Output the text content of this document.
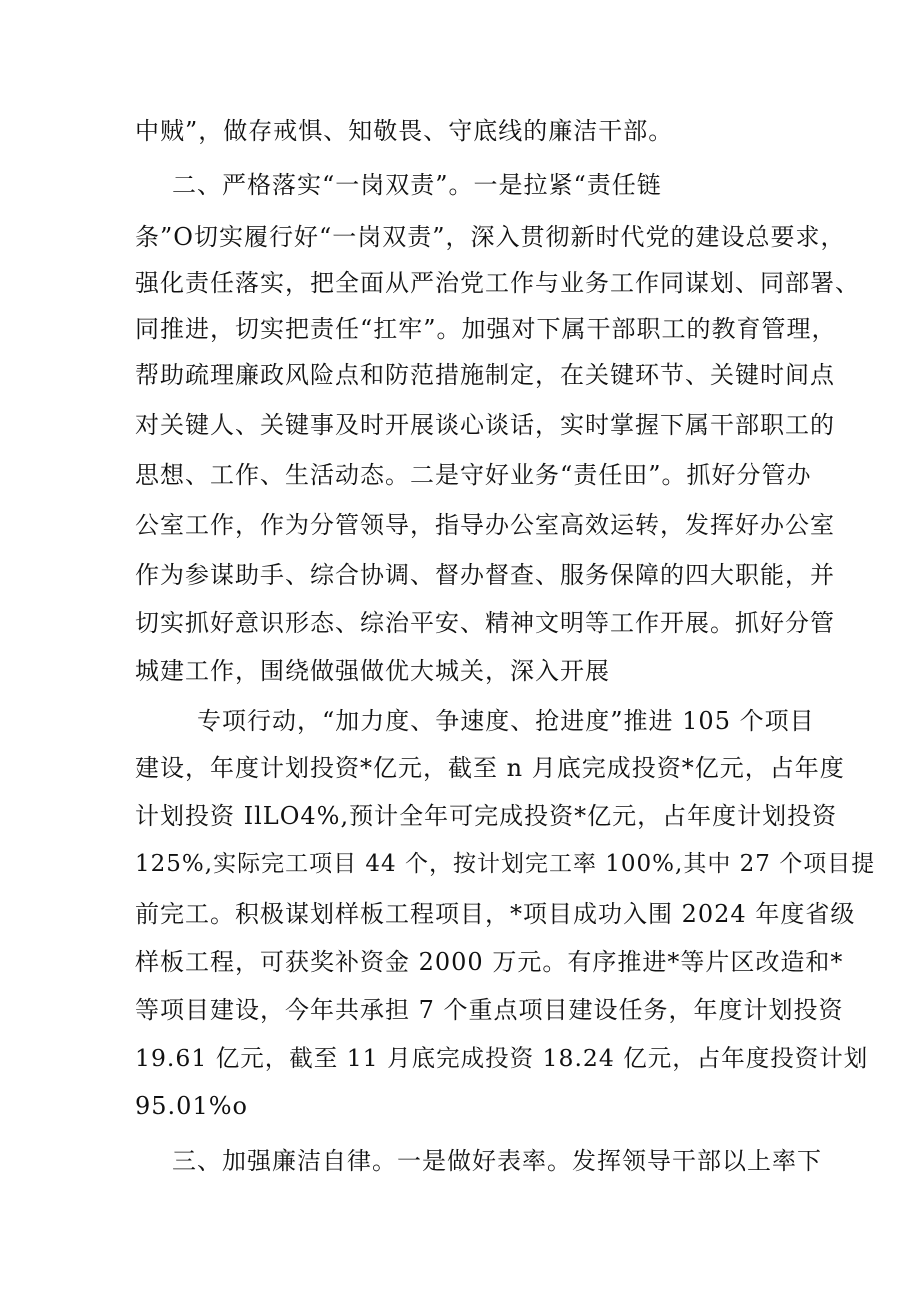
中贼”，做存戒惧、知敬畏、守底线的廉洁干部。

二、严格落实“一岗双责”。一是拉紧“责任链

条”O切实履行好“一岗双责”，深入贯彻新时代党的建设总要求，

强化责任落实，把全面从严治党工作与业务工作同谋划、同部署、

同推进，切实把责任“扛牢”。加强对下属干部职工的教育管理，

帮助疏理廉政风险点和防范措施制定，在关键环节、关键时间点

对关键人、关键事及时开展谈心谈话，实时掌握下属干部职工的

思想、工作、生活动态。二是守好业务“责任田”。抓好分管办

公室工作，作为分管领导，指导办公室高效运转，发挥好办公室

作为参谋助手、综合协调、督办督查、服务保障的四大职能，并

切实抓好意识形态、综治平安、精神文明等工作开展。抓好分管

城建工作，围绕做强做优大城关，深入开展

专项行动，“加力度、争速度、抢进度”推进 105 个项目

建设，年度计划投资*亿元，截至 n 月底完成投资*亿元，占年度

计划投资 IlLO4%,预计全年可完成投资*亿元，占年度计划投资

125%,实际完工项目 44 个，按计划完工率 100%,其中 27 个项目提

前完工。积极谋划样板工程项目，*项目成功入围 2024 年度省级

样板工程，可获奖补资金 2000 万元。有序推进*等片区改造和*

等项目建设，今年共承担 7 个重点项目建设任务，年度计划投资

19.61 亿元，截至 11 月底完成投资 18.24 亿元，占年度投资计划

95.01%o

三、加强廉洁自律。一是做好表率。发挥领导干部以上率下
